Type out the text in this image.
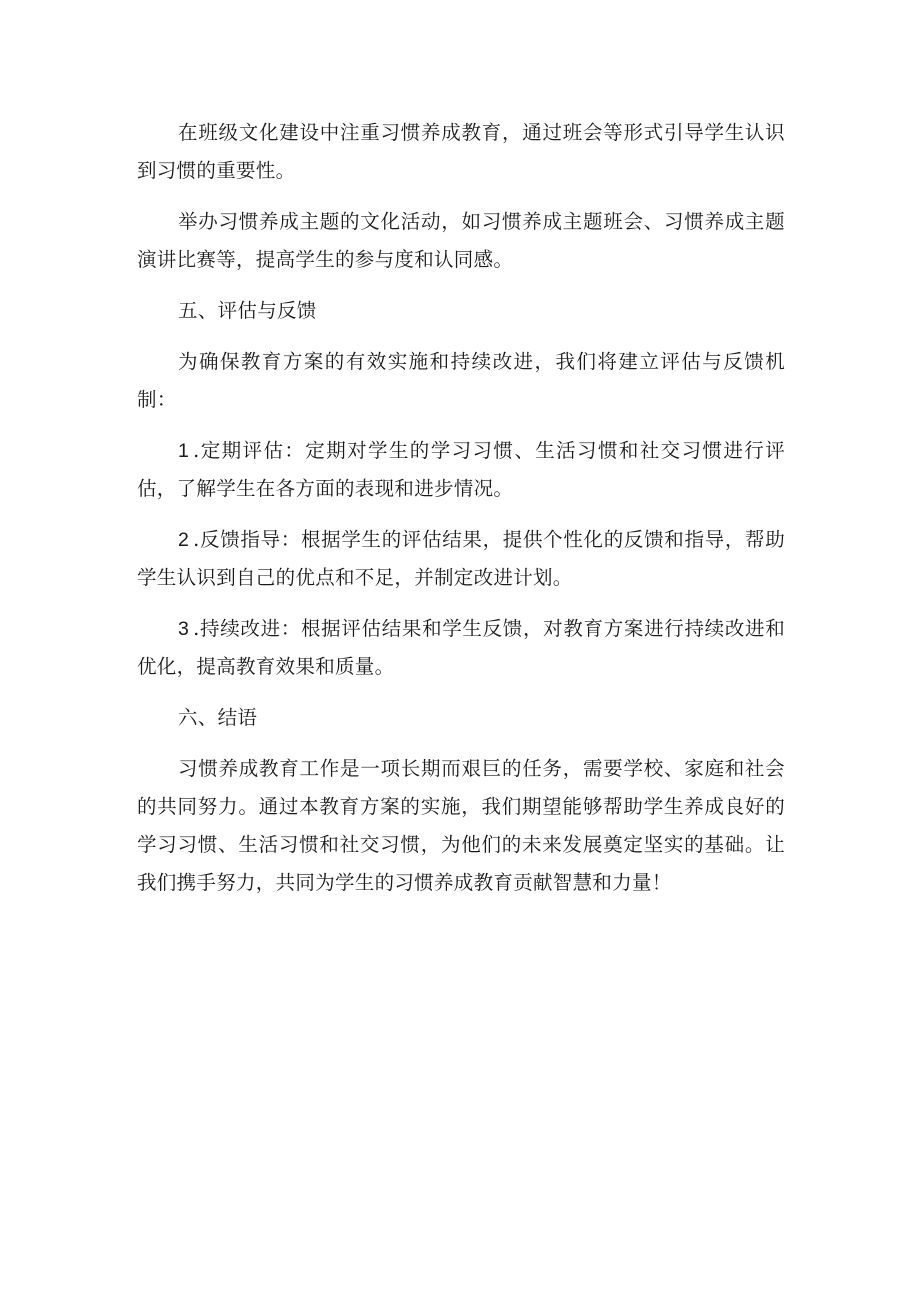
在班级文化建设中注重习惯养成教育，通过班会等形式引导学生认识到习惯的重要性。

举办习惯养成主题的文化活动，如习惯养成主题班会、习惯养成主题演讲比赛等，提高学生的参与度和认同感。

五、评估与反馈

为确保教育方案的有效实施和持续改进，我们将建立评估与反馈机制：

1 .定期评估：定期对学生的学习习惯、生活习惯和社交习惯进行评估，了解学生在各方面的表现和进步情况。

2 .反馈指导：根据学生的评估结果，提供个性化的反馈和指导，帮助学生认识到自己的优点和不足，并制定改进计划。

3 .持续改进：根据评估结果和学生反馈，对教育方案进行持续改进和优化，提高教育效果和质量。

六、结语

习惯养成教育工作是一项长期而艰巨的任务，需要学校、家庭和社会的共同努力。通过本教育方案的实施，我们期望能够帮助学生养成良好的学习习惯、生活习惯和社交习惯，为他们的未来发展奠定坚实的基础。让我们携手努力，共同为学生的习惯养成教育贡献智慧和力量！
